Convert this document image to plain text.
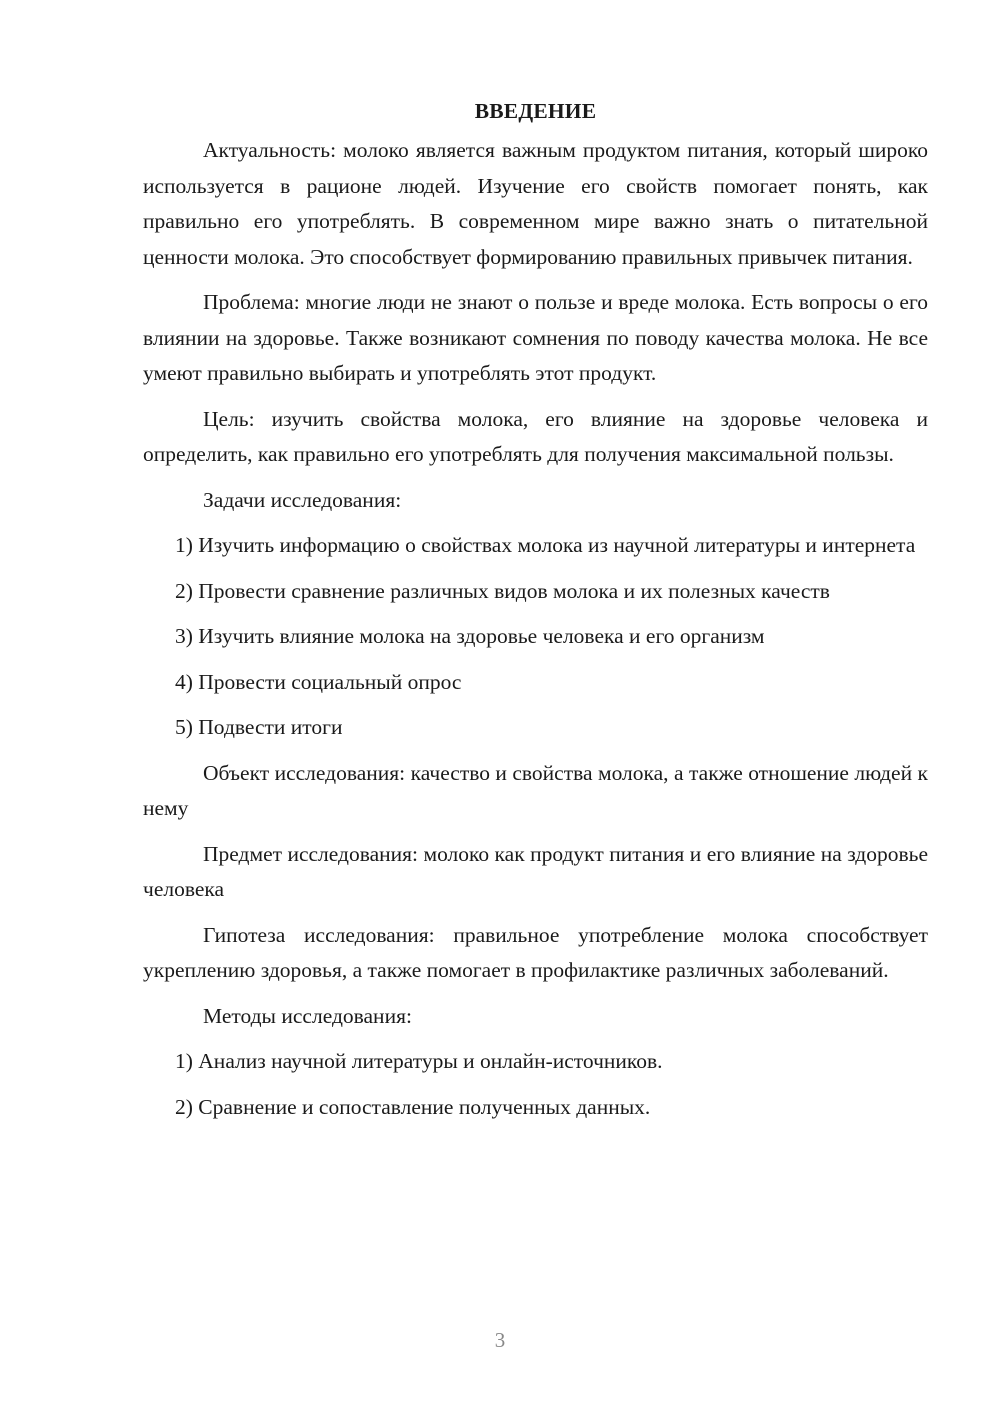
ВВЕДЕНИЕ

Актуальность: молоко является важным продуктом питания, который широко используется в рационе людей. Изучение его свойств помогает понять, как правильно его употреблять. В современном мире важно знать о питательной ценности молока. Это способствует формированию правильных привычек питания.

Проблема: многие люди не знают о пользе и вреде молока. Есть вопросы о его влиянии на здоровье. Также возникают сомнения по поводу качества молока. Не все умеют правильно выбирать и употреблять этот продукт.

Цель: изучить свойства молока, его влияние на здоровье человека и определить, как правильно его употреблять для получения максимальной пользы.

Задачи исследования:

1) Изучить информацию о свойствах молока из научной литературы и интернета

2) Провести сравнение различных видов молока и их полезных качеств

3) Изучить влияние молока на здоровье человека и его организм

4) Провести социальный опрос

5) Подвести итоги

Объект исследования: качество и свойства молока, а также отношение людей к нему

Предмет исследования: молоко как продукт питания и его влияние на здоровье человека

Гипотеза исследования: правильное употребление молока способствует укреплению здоровья, а также помогает в профилактике различных заболеваний.

Методы исследования:

1) Анализ научной литературы и онлайн-источников.

2) Сравнение и сопоставление полученных данных.

3
